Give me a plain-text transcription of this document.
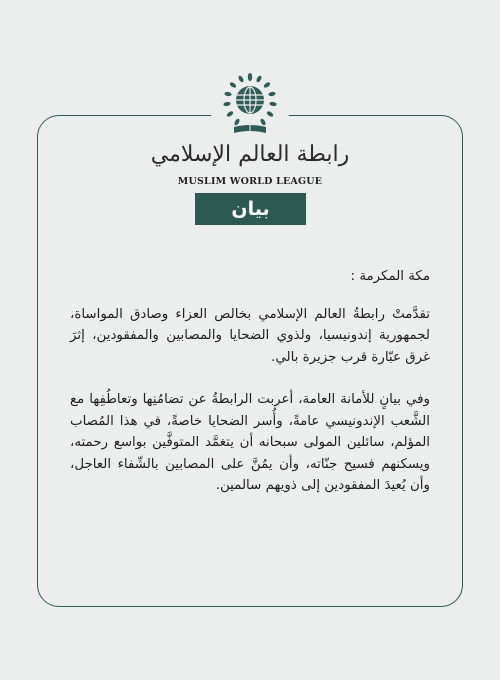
رابطة العالم الإسلامي
MUSLIM WORLD LEAGUE
بيان

مكة المكرمة :

تقدَّمتْ رابطةُ العالم الإسلامي بخالص العزاء وصادق المواساة، لجمهورية إندونيسيا، ولذوي الضحايا والمصابين والمفقودين، إثرَ غرق عبّارة قرب جزيرة بالي.

وفي بيانٍ للأمانة العامة، أعربت الرابطةُ عن تضامُنِها وتعاطُفِها مع الشَّعب الإندونيسي عامةً، وأُسر الضحايا خاصةً، في هذا المُصاب المؤلم، سائلين المولى سبحانه أن يتغمَّد المتوفَّين بواسع رحمته، ويسكنهم فسيح جنّاته، وأن يمُنَّ على المصابين بالشّفاء العاجل، وأن يُعيدَ المفقودين إلى ذويهم سالمين.
